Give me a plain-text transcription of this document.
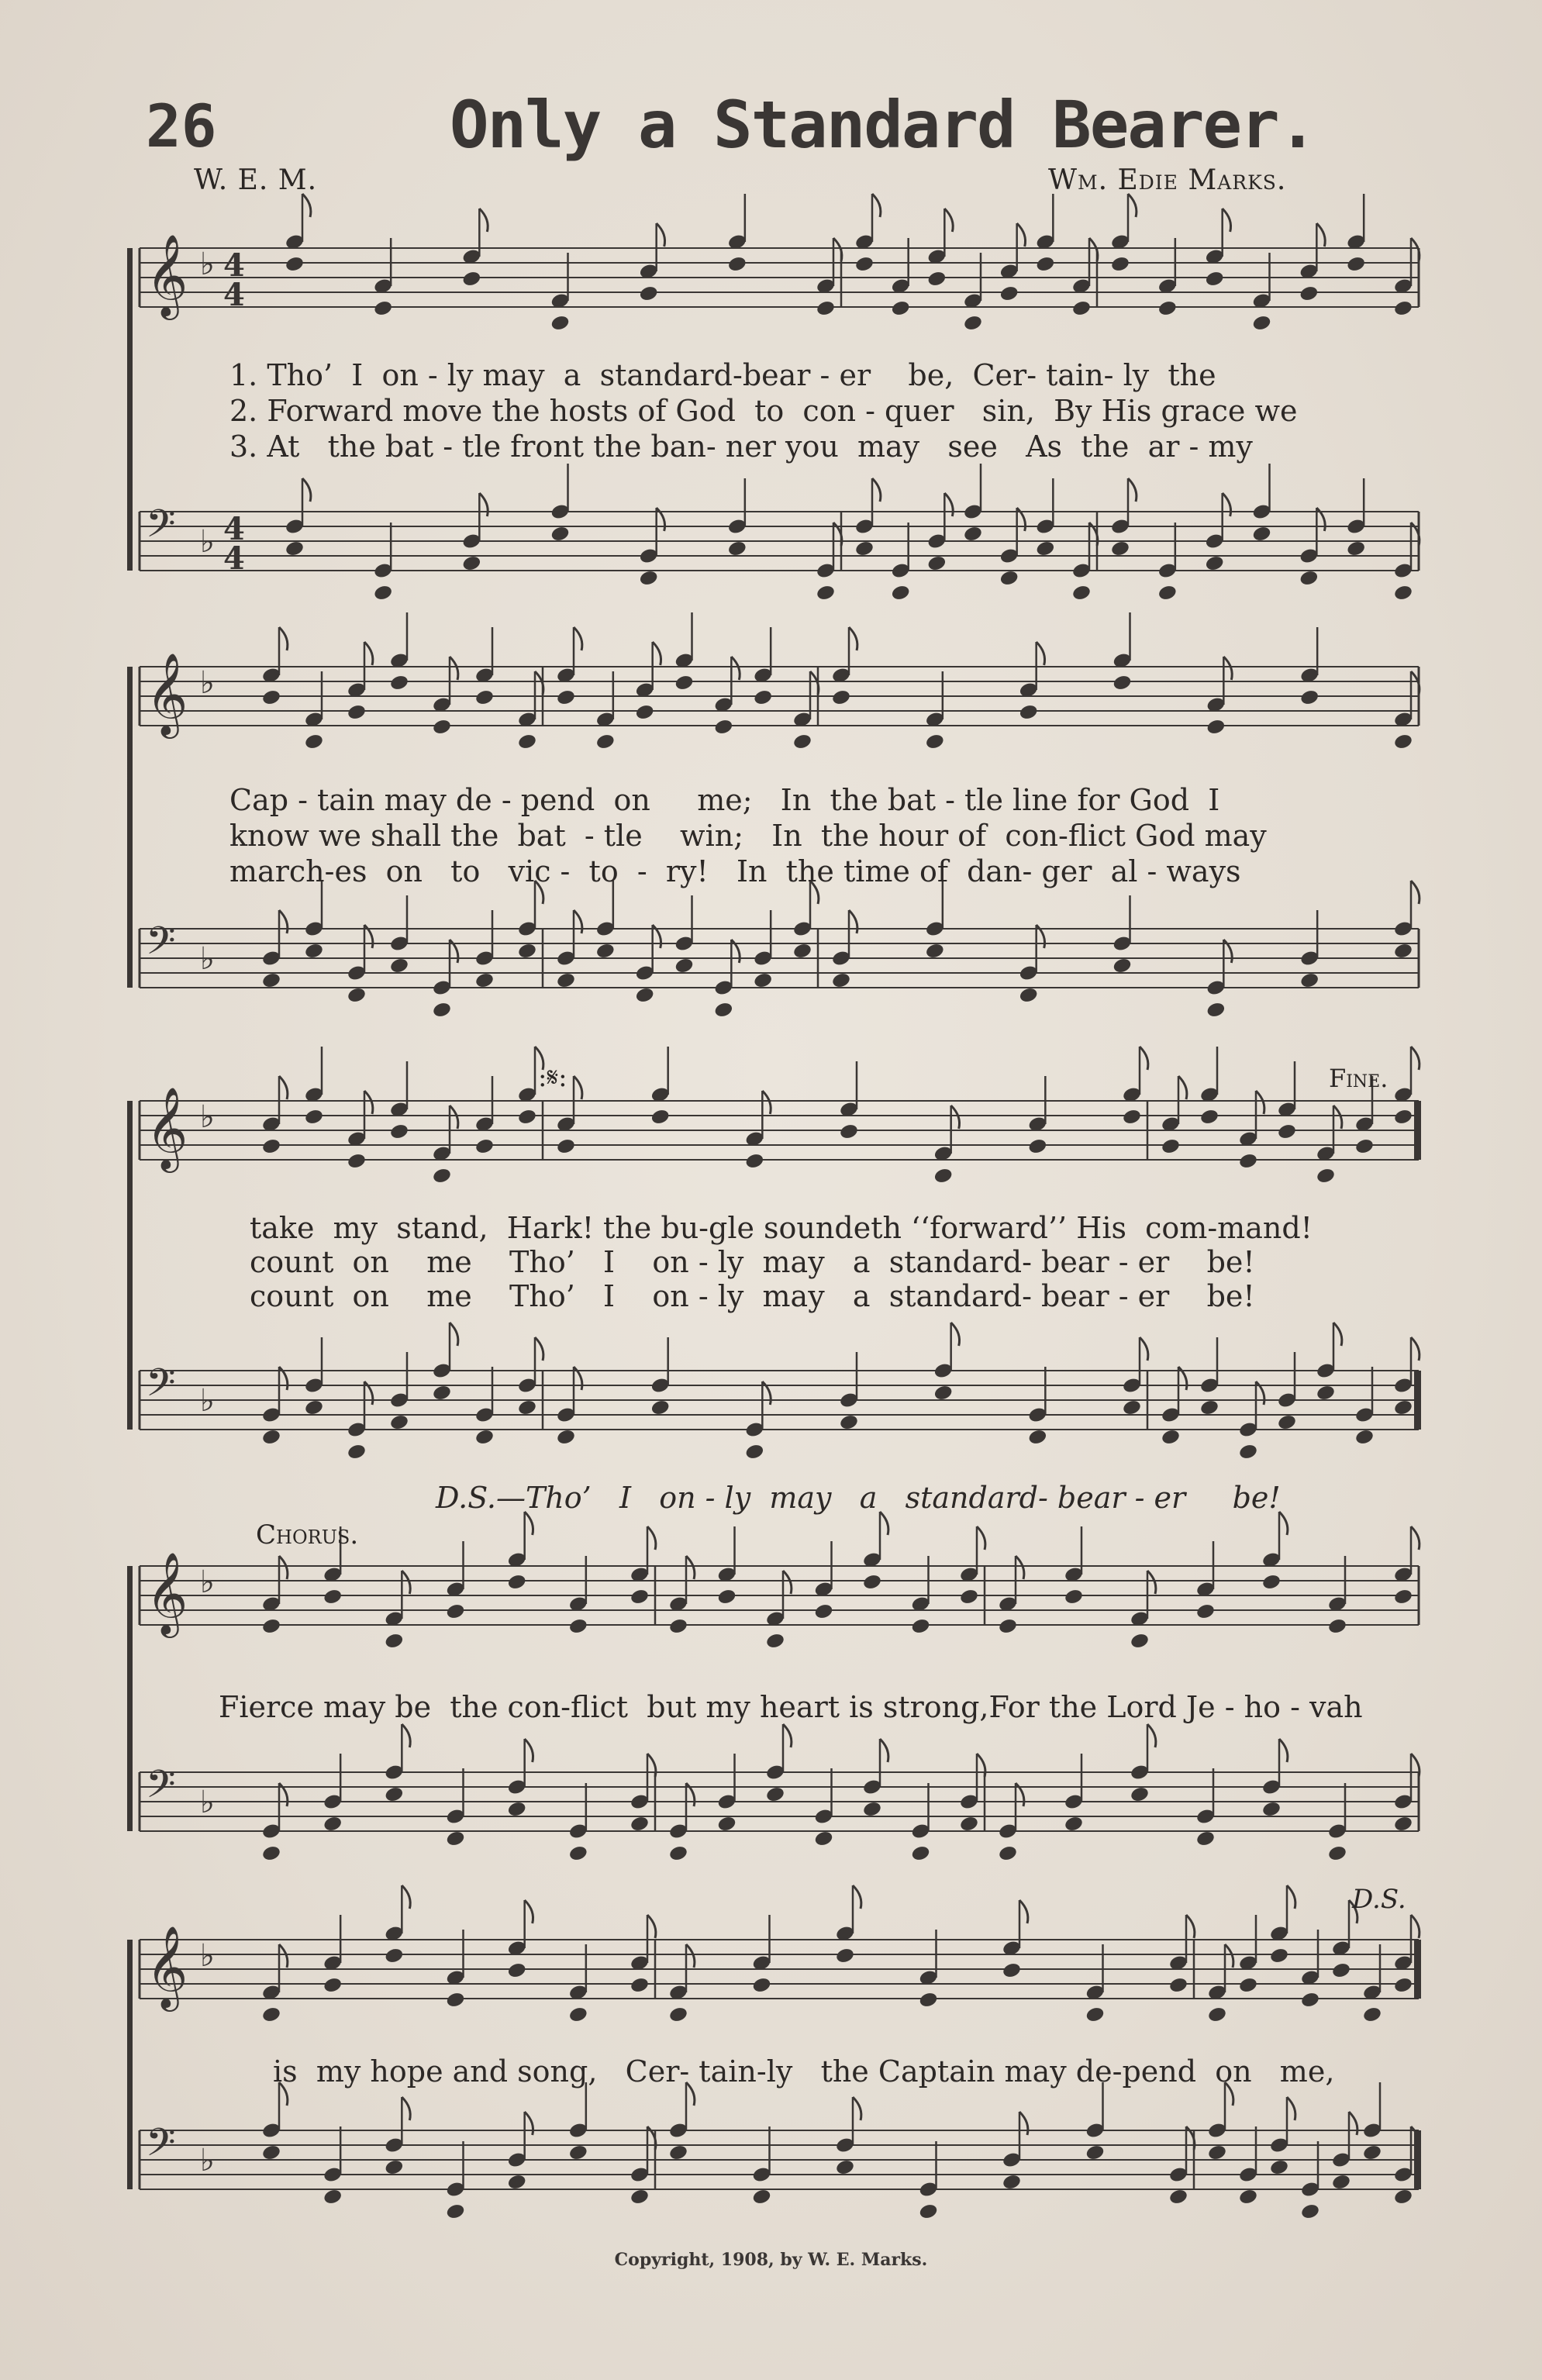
26	Only a Standard Bearer.
W. E. M.	Wm. Edie Marks.
𝄞 ♭ 4
4
𝄢 ♭ 4
4
𝄞 ♭
𝄢 ♭
𝄞 ♭
𝄢 ♭
𝄞 ♭
𝄢 ♭
𝄞 ♭
𝄢 ♭
1. Tho’  I  on - ly may  a  standard-bear - er    be,  Cer- tain- ly  the
2. Forward move the hosts of God  to  con - quer   sin,  By His grace we
3. At   the bat - tle front the ban- ner you  may   see   As  the  ar - my
Cap - tain may de - pend  on     me;   In  the bat - tle line for God  I
know we shall the  bat  - tle    win;   In  the hour of  con-flict God may
march-es  on   to   vic -  to  -  ry!   In  the time of  dan- ger  al - ways
:𝄋:	Fine.
take  my  stand,  Hark! the bu-gle soundeth ‘‘forward’’ His  com-mand!
count  on    me    Tho’   I    on - ly  may   a  standard- bear - er    be!
count  on    me    Tho’   I    on - ly  may   a  standard- bear - er    be!
D.S.—Tho’   I   on - ly  may   a   standard- bear - er     be!
Chorus.
Fierce may be  the con-flict  but my heart is strong,For the Lord Je - ho - vah
D.S.
is  my hope and song,   Cer- tain-ly   the Captain may de-pend  on   me,
Copyright, 1908, by W. E. Marks.
